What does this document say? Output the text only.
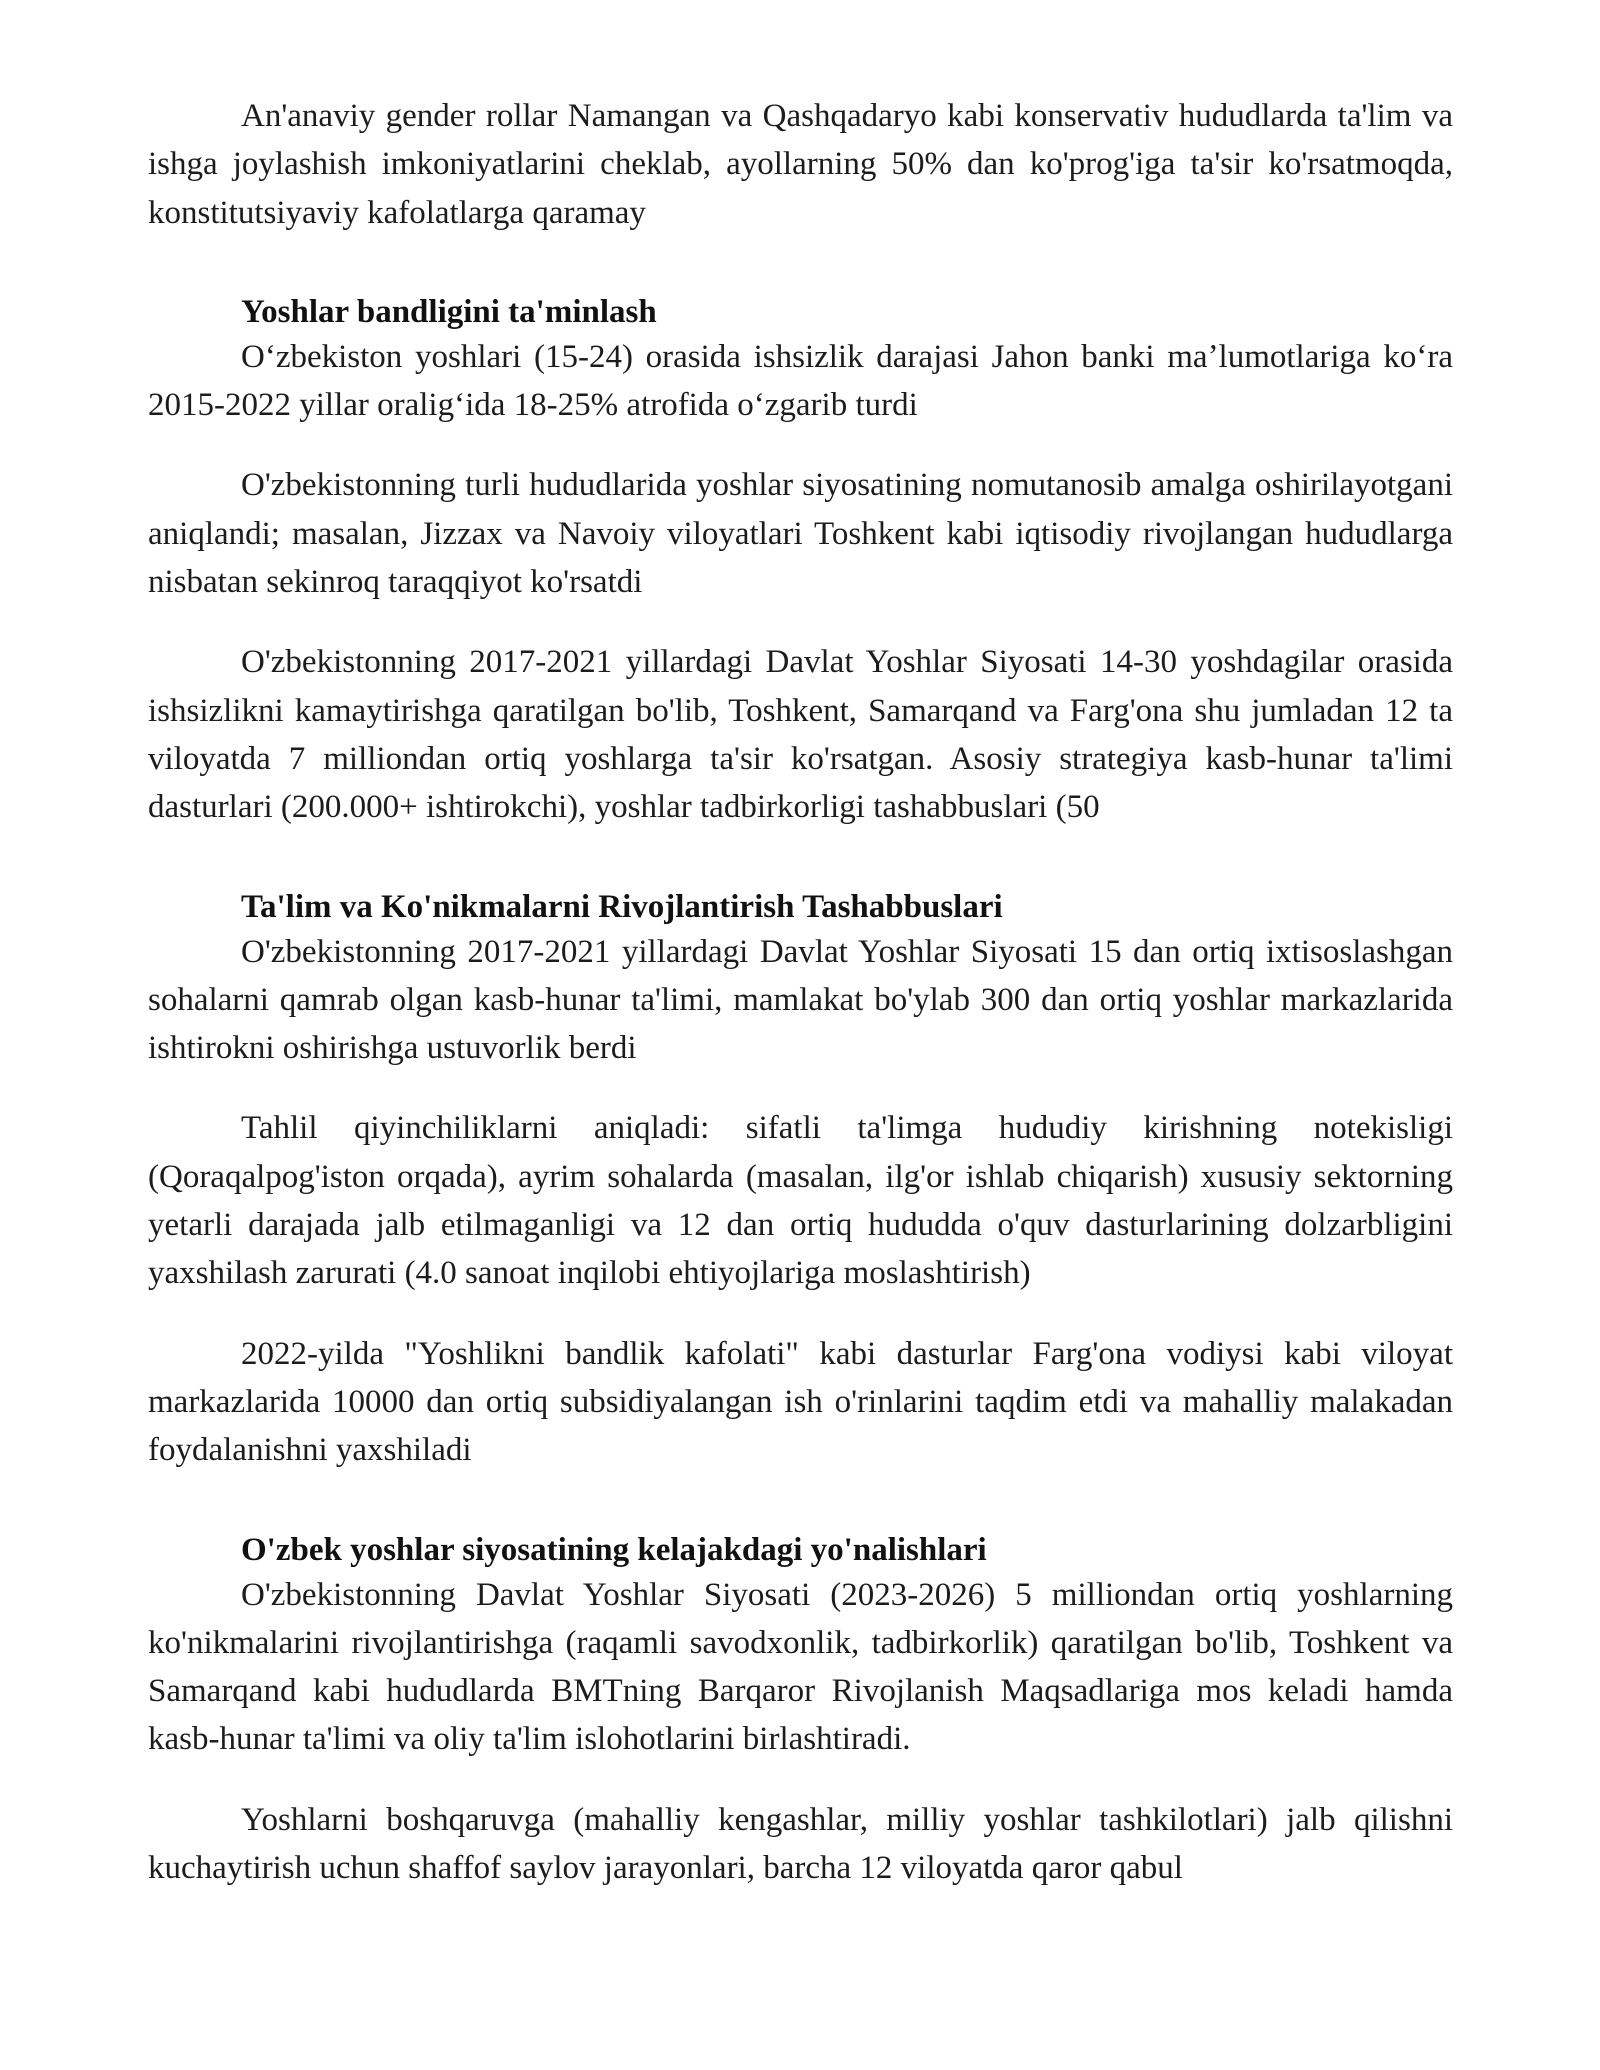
An'anaviy gender rollar Namangan va Qashqadaryo kabi konservativ hududlarda ta'lim va ishga joylashish imkoniyatlarini cheklab, ayollarning 50% dan ko'prog'iga ta'sir ko'rsatmoqda, konstitutsiyaviy kafolatlarga qaramay

Yoshlar bandligini ta'minlash

Oʻzbekiston yoshlari (15-24) orasida ishsizlik darajasi Jahon banki maʼlumotlariga koʻra 2015-2022 yillar oraligʻida 18-25% atrofida oʻzgarib turdi

O'zbekistonning turli hududlarida yoshlar siyosatining nomutanosib amalga oshirilayotgani aniqlandi; masalan, Jizzax va Navoiy viloyatlari Toshkent kabi iqtisodiy rivojlangan hududlarga nisbatan sekinroq taraqqiyot ko'rsatdi

O'zbekistonning 2017-2021 yillardagi Davlat Yoshlar Siyosati 14-30 yoshdagilar orasida ishsizlikni kamaytirishga qaratilgan bo'lib, Toshkent, Samarqand va Farg'ona shu jumladan 12 ta viloyatda 7 milliondan ortiq yoshlarga ta'sir ko'rsatgan. Asosiy strategiya kasb-hunar ta'limi dasturlari (200.000+ ishtirokchi), yoshlar tadbirkorligi tashabbuslari (50

Ta'lim va Ko'nikmalarni Rivojlantirish Tashabbuslari

O'zbekistonning 2017-2021 yillardagi Davlat Yoshlar Siyosati 15 dan ortiq ixtisoslashgan sohalarni qamrab olgan kasb-hunar ta'limi, mamlakat bo'ylab 300 dan ortiq yoshlar markazlarida ishtirokni oshirishga ustuvorlik berdi

Tahlil qiyinchiliklarni aniqladi: sifatli ta'limga hududiy kirishning notekisligi (Qoraqalpog'iston orqada), ayrim sohalarda (masalan, ilg'or ishlab chiqarish) xususiy sektorning yetarli darajada jalb etilmaganligi va 12 dan ortiq hududda o'quv dasturlarining dolzarbligini yaxshilash zarurati (4.0 sanoat inqilobi ehtiyojlariga moslashtirish)

2022-yilda "Yoshlikni bandlik kafolati" kabi dasturlar Farg'ona vodiysi kabi viloyat markazlarida 10000 dan ortiq subsidiyalangan ish o'rinlarini taqdim etdi va mahalliy malakadan foydalanishni yaxshiladi

O'zbek yoshlar siyosatining kelajakdagi yo'nalishlari

O'zbekistonning Davlat Yoshlar Siyosati (2023-2026) 5 milliondan ortiq yoshlarning ko'nikmalarini rivojlantirishga (raqamli savodxonlik, tadbirkorlik) qaratilgan bo'lib, Toshkent va Samarqand kabi hududlarda BMTning Barqaror Rivojlanish Maqsadlariga mos keladi hamda kasb-hunar ta'limi va oliy ta'lim islohotlarini birlashtiradi.

Yoshlarni boshqaruvga (mahalliy kengashlar, milliy yoshlar tashkilotlari) jalb qilishni kuchaytirish uchun shaffof saylov jarayonlari, barcha 12 viloyatda qaror qabul
